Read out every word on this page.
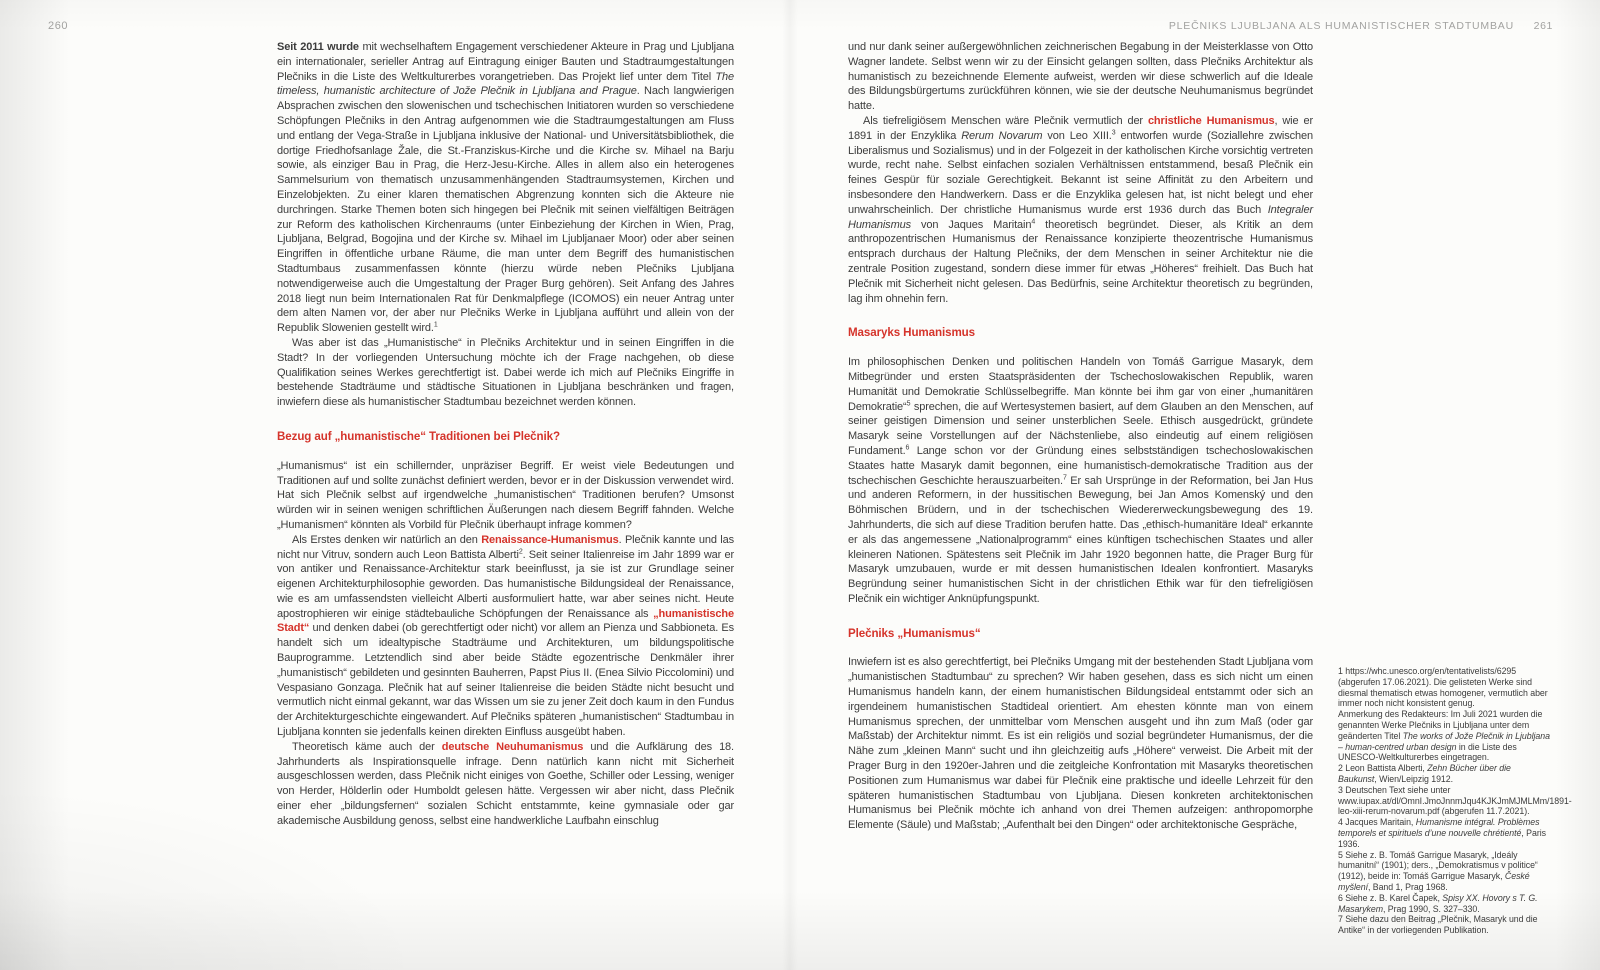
260

Seit 2011 wurde mit wechselhaftem Engagement verschiedener Akteure in Prag und Ljubljana ein internationaler, serieller Antrag auf Eintragung einiger Bauten und Stadtraumgestaltungen Plečniks in die Liste des Weltkulturerbes vorangetrieben. Das Projekt lief unter dem Titel The timeless, humanistic architecture of Jože Plečnik in Ljubljana and Prague. Nach langwierigen Absprachen zwischen den slowenischen und tschechischen Initiatoren wurden so verschiedene Schöpfungen Plečniks in den Antrag aufgenommen wie die Stadtraumgestaltungen am Fluss und entlang der Vega-Straße in Ljubljana inklusive der National- und Universitätsbibliothek, die dortige Friedhofsanlage Žale, die St.-Franziskus-Kirche und die Kirche sv. Mihael na Barju sowie, als einziger Bau in Prag, die Herz-Jesu-Kirche. Alles in allem also ein heterogenes Sammelsurium von thematisch unzusammenhängenden Stadtraumsystemen, Kirchen und Einzelobjekten. Zu einer klaren thematischen Abgrenzung konnten sich die Akteure nie durchringen. Starke Themen boten sich hingegen bei Plečnik mit seinen vielfältigen Beiträgen zur Reform des katholischen Kirchenraums (unter Einbeziehung der Kirchen in Wien, Prag, Ljubljana, Belgrad, Bogojina und der Kirche sv. Mihael im Ljubljanaer Moor) oder aber seinen Eingriffen in öffentliche urbane Räume, die man unter dem Begriff des humanistischen Stadtumbaus zusammenfassen könnte (hierzu würde neben Plečniks Ljubljana notwendigerweise auch die Umgestaltung der Prager Burg gehören). Seit Anfang des Jahres 2018 liegt nun beim Internationalen Rat für Denkmalpflege (ICOMOS) ein neuer Antrag unter dem alten Namen vor, der aber nur Plečniks Werke in Ljubljana aufführt und allein von der Republik Slowenien gestellt wird.$^1$

Was aber ist das „Humanistische“ in Plečniks Architektur und in seinen Eingriffen in die Stadt? In der vorliegenden Untersuchung möchte ich der Frage nachgehen, ob diese Qualifikation seines Werkes gerechtfertigt ist. Dabei werde ich mich auf Plečniks Eingriffe in bestehende Stadträume und städtische Situationen in Ljubljana beschränken und fragen, inwiefern diese als humanistischer Stadtumbau bezeichnet werden können.

Bezug auf „humanistische“ Traditionen bei Plečnik?

„Humanismus“ ist ein schillernder, unpräziser Begriff. Er weist viele Bedeutungen und Traditionen auf und sollte zunächst definiert werden, bevor er in der Diskussion verwendet wird. Hat sich Plečnik selbst auf irgendwelche „humanistischen“ Traditionen berufen? Umsonst würden wir in seinen wenigen schriftlichen Äußerungen nach diesem Begriff fahnden. Welche „Humanismen“ könnten als Vorbild für Plečnik überhaupt infrage kommen?

Als Erstes denken wir natürlich an den Renaissance-Humanismus. Plečnik kannte und las nicht nur Vitruv, sondern auch Leon Battista Alberti$^2$. Seit seiner Italienreise im Jahr 1899 war er von antiker und Renaissance-Architektur stark beeinflusst, ja sie ist zur Grundlage seiner eigenen Architekturphilosophie geworden. Das humanistische Bildungsideal der Renaissance, wie es am umfassendsten vielleicht Alberti ausformuliert hatte, war aber seines nicht. Heute apostrophieren wir einige städtebauliche Schöpfungen der Renaissance als „humanistische Stadt“ und denken dabei (ob gerechtfertigt oder nicht) vor allem an Pienza und Sabbioneta. Es handelt sich um idealtypische Stadträume und Architekturen, um bildungspolitische Bauprogramme. Letztendlich sind aber beide Städte egozentrische Denkmäler ihrer „humanistisch“ gebildeten und gesinnten Bauherren, Papst Pius II. (Enea Silvio Piccolomini) und Vespasiano Gonzaga. Plečnik hat auf seiner Italienreise die beiden Städte nicht besucht und vermutlich nicht einmal gekannt, war das Wissen um sie zu jener Zeit doch kaum in den Fundus der Architekturgeschichte eingewandert. Auf Plečniks späteren „humanistischen“ Stadtumbau in Ljubljana konnten sie jedenfalls keinen direkten Einfluss ausgeübt haben.

Theoretisch käme auch der deutsche Neuhumanismus und die Aufklärung des 18. Jahrhunderts als Inspirationsquelle infrage. Denn natürlich kann nicht mit Sicherheit ausgeschlossen werden, dass Plečnik nicht einiges von Goethe, Schiller oder Lessing, weniger von Herder, Hölderlin oder Humboldt gelesen hätte. Vergessen wir aber nicht, dass Plečnik einer eher „bildungsfernen“ sozialen Schicht entstammte, keine gymnasiale oder gar akademische Ausbildung genoss, selbst eine handwerkliche Laufbahn einschlug

PLEČNIKS LJUBLJANA ALS HUMANISTISCHER STADTUMBAU 261

und nur dank seiner außergewöhnlichen zeichnerischen Begabung in der Meisterklasse von Otto Wagner landete. Selbst wenn wir zu der Einsicht gelangen sollten, dass Plečniks Architektur als humanistisch zu bezeichnende Elemente aufweist, werden wir diese schwerlich auf die Ideale des Bildungsbürgertums zurückführen können, wie sie der deutsche Neuhumanismus begründet hatte.

Als tiefreligiösem Menschen wäre Plečnik vermutlich der christliche Humanismus, wie er 1891 in der Enzyklika Rerum Novarum von Leo XIII.$^3$ entworfen wurde (Soziallehre zwischen Liberalismus und Sozialismus) und in der Folgezeit in der katholischen Kirche vorsichtig vertreten wurde, recht nahe. Selbst einfachen sozialen Verhältnissen entstammend, besaß Plečnik ein feines Gespür für soziale Gerechtigkeit. Bekannt ist seine Affinität zu den Arbeitern und insbesondere den Handwerkern. Dass er die Enzyklika gelesen hat, ist nicht belegt und eher unwahrscheinlich. Der christliche Humanismus wurde erst 1936 durch das Buch Integraler Humanismus von Jaques Maritain$^4$ theoretisch begründet. Dieser, als Kritik an dem anthropozentrischen Humanismus der Renaissance konzipierte theozentrische Humanismus entsprach durchaus der Haltung Plečniks, der dem Menschen in seiner Architektur nie die zentrale Position zugestand, sondern diese immer für etwas „Höheres“ freihielt. Das Buch hat Plečnik mit Sicherheit nicht gelesen. Das Bedürfnis, seine Architektur theoretisch zu begründen, lag ihm ohnehin fern.

Masaryks Humanismus

Im philosophischen Denken und politischen Handeln von Tomáš Garrigue Masaryk, dem Mitbegründer und ersten Staatspräsidenten der Tschechoslowakischen Republik, waren Humanität und Demokratie Schlüsselbegriffe. Man könnte bei ihm gar von einer „humanitären Demokratie“$^5$ sprechen, die auf Wertesystemen basiert, auf dem Glauben an den Menschen, auf seiner geistigen Dimension und seiner unsterblichen Seele. Ethisch ausgedrückt, gründete Masaryk seine Vorstellungen auf der Nächstenliebe, also eindeutig auf einem religiösen Fundament.$^6$ Lange schon vor der Gründung eines selbstständigen tschechoslowakischen Staates hatte Masaryk damit begonnen, eine humanistisch-demokratische Tradition aus der tschechischen Geschichte herauszuarbeiten.$^7$ Er sah Ursprünge in der Reformation, bei Jan Hus und anderen Reformern, in der hussitischen Bewegung, bei Jan Amos Komenský und den Böhmischen Brüdern, und in der tschechischen Wiedererweckungsbewegung des 19. Jahrhunderts, die sich auf diese Tradition berufen hatte. Das „ethisch-humanitäre Ideal“ erkannte er als das angemessene „Nationalprogramm“ eines künftigen tschechischen Staates und aller kleineren Nationen. Spätestens seit Plečnik im Jahr 1920 begonnen hatte, die Prager Burg für Masaryk umzubauen, wurde er mit dessen humanistischen Idealen konfrontiert. Masaryks Begründung seiner humanistischen Sicht in der christlichen Ethik war für den tiefreligiösen Plečnik ein wichtiger Anknüpfungspunkt.

Plečniks „Humanismus“

Inwiefern ist es also gerechtfertigt, bei Plečniks Umgang mit der bestehenden Stadt Ljubljana vom „humanistischen Stadtumbau“ zu sprechen? Wir haben gesehen, dass es sich nicht um einen Humanismus handeln kann, der einem humanistischen Bildungsideal entstammt oder sich an irgendeinem humanistischen Stadtideal orientiert. Am ehesten könnte man von einem Humanismus sprechen, der unmittelbar vom Menschen ausgeht und ihn zum Maß (oder gar Maßstab) der Architektur nimmt. Es ist ein religiös und sozial begründeter Humanismus, der die Nähe zum „kleinen Mann“ sucht und ihn gleichzeitig aufs „Höhere“ verweist. Die Arbeit mit der Prager Burg in den 1920er-Jahren und die zeitgleiche Konfrontation mit Masaryks theoretischen Positionen zum Humanismus war dabei für Plečnik eine praktische und ideelle Lehrzeit für den späteren humanistischen Stadtumbau von Ljubljana. Diesen konkreten architektonischen Humanismus bei Plečnik möchte ich anhand von drei Themen aufzeigen: anthropomorphe Elemente (Säule) und Maßstab; „Aufenthalt bei den Dingen“ oder architektonische Gespräche,

1 https://whc.unesco.org/en/tentativelists/6295 (abgerufen 17.06.2021). Die gelisteten Werke sind diesmal thematisch etwas homogener, vermutlich aber immer noch nicht konsistent genug.
Anmerkung des Redakteurs: Im Juli 2021 wurden die genannten Werke Plečniks in Ljubljana unter dem geänderten Titel The works of Jože Plečnik in Ljubljana – human-centred urban design in die Liste des UNESCO-Weltkulturerbes eingetragen.
2 Leon Battista Alberti, Zehn Bücher über die Baukunst, Wien/Leipzig 1912.
3 Deutschen Text siehe unter www.iupax.at/dl/OmnI.JmoJnnmJqu4KJKJmMJMLMm/1891-leo-xiii-rerum-novarum.pdf (abgerufen 11.7.2021).
4 Jacques Maritain, Humanisme intégral. Problèmes temporels et spirituels d’une nouvelle chrétienté, Paris 1936.
5 Siehe z. B. Tomáš Garrigue Masaryk, „Ideály humanitní“ (1901); ders., „Demokratismus v politice“ (1912), beide in: Tomáš Garrigue Masaryk, České myšlení, Band 1, Prag 1968.
6 Siehe z. B. Karel Čapek, Spisy XX. Hovory s T. G. Masarykem, Prag 1990, S. 327–330.
7 Siehe dazu den Beitrag „Plečnik, Masaryk und die Antike“ in der vorliegenden Publikation.
